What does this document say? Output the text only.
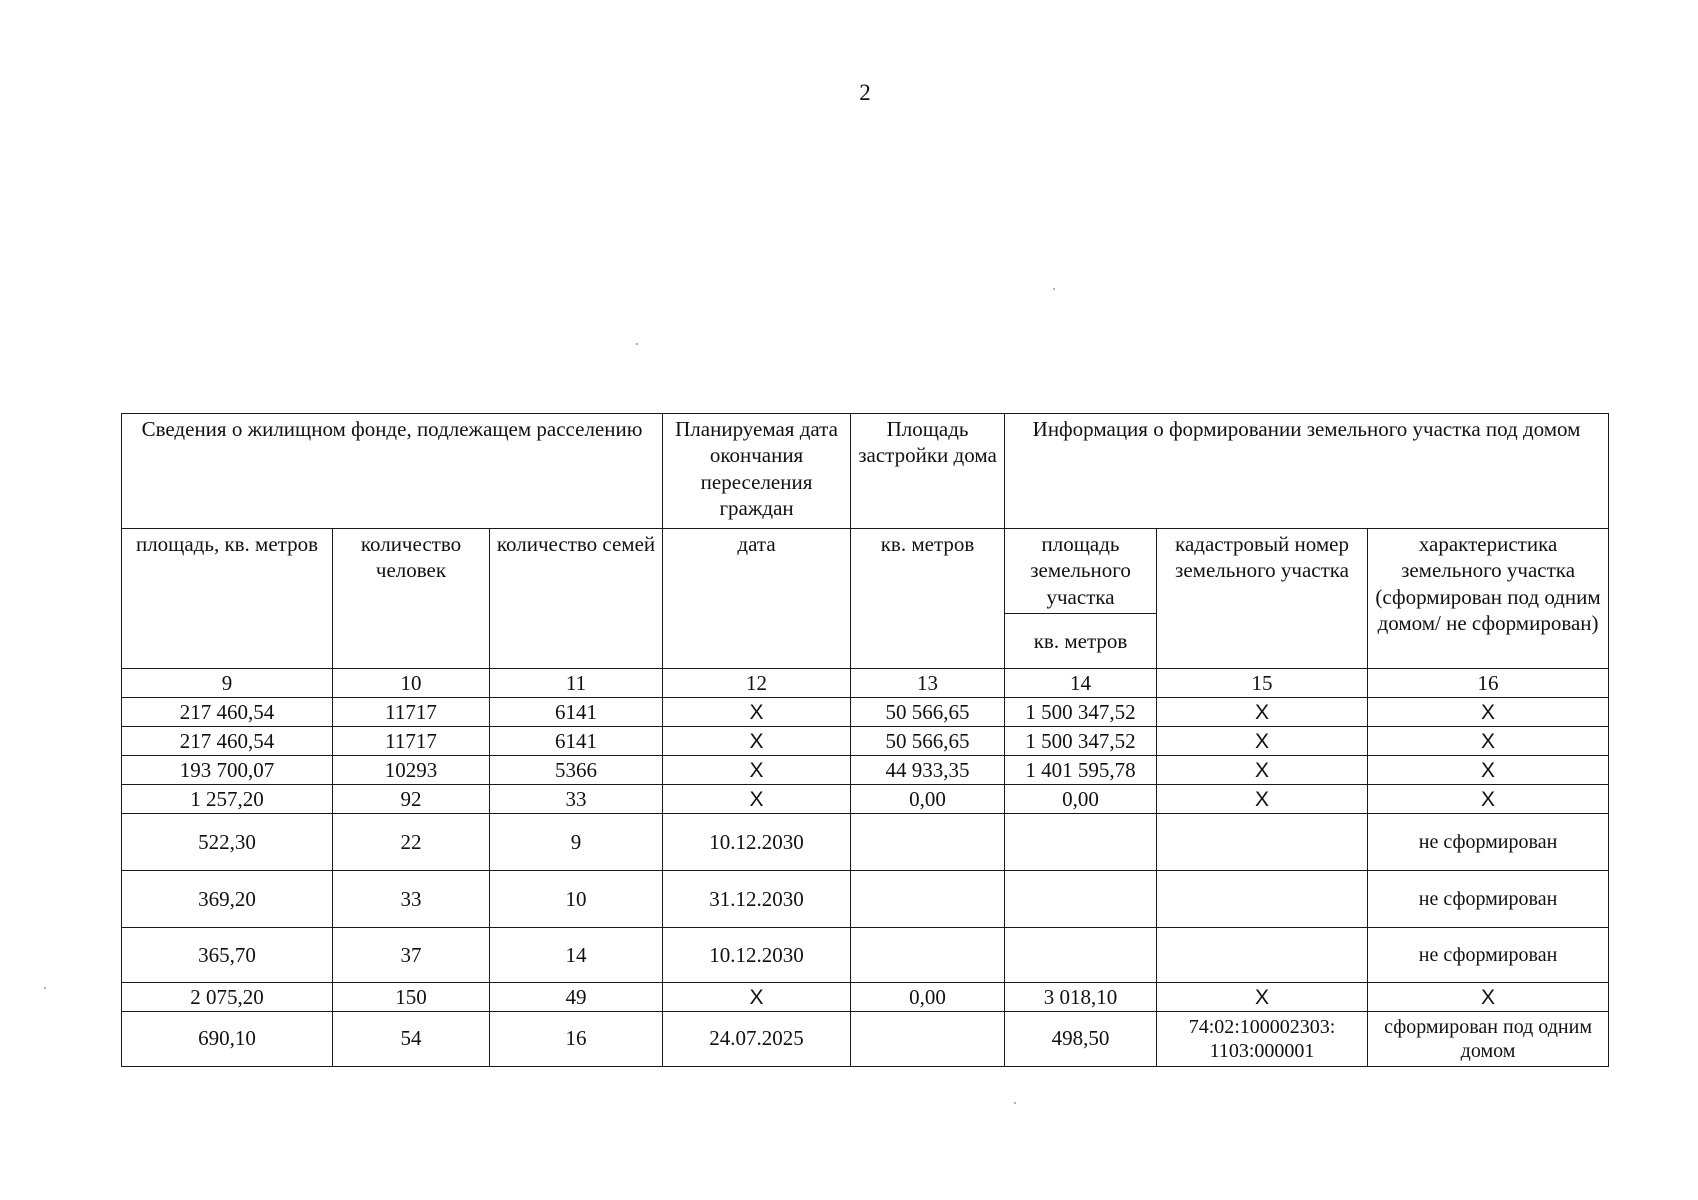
2
Сведения о жилищном фонде, подлежащем расселению			Планируемая дата окончания переселения граждан	Площадь застройки дома	Информация о формировании земельного участка под домом		
площадь, кв. метров	количество человек	количество семей	дата	кв. метров	площадь земельного участка	кадастровый номер земельного участка	характеристика земельного участка (сформирован под одним домом/ не сформирован)
					кв. метров		
9	10	11	12	13	14	15	16
217 460,54	11717	6141	X	50 566,65	1 500 347,52	X	X
217 460,54	11717	6141	X	50 566,65	1 500 347,52	X	X
193 700,07	10293	5366	X	44 933,35	1 401 595,78	X	X
1 257,20	92	33	X	0,00	0,00	X	X
522,30	22	9	10.12.2030				не сформирован
369,20	33	10	31.12.2030				не сформирован
365,70	37	14	10.12.2030				не сформирован
2 075,20	150	49	X	0,00	3 018,10	X	X
690,10	54	16	24.07.2025		498,50	74:02:100002303: 1103:000001	сформирован под одним домом
